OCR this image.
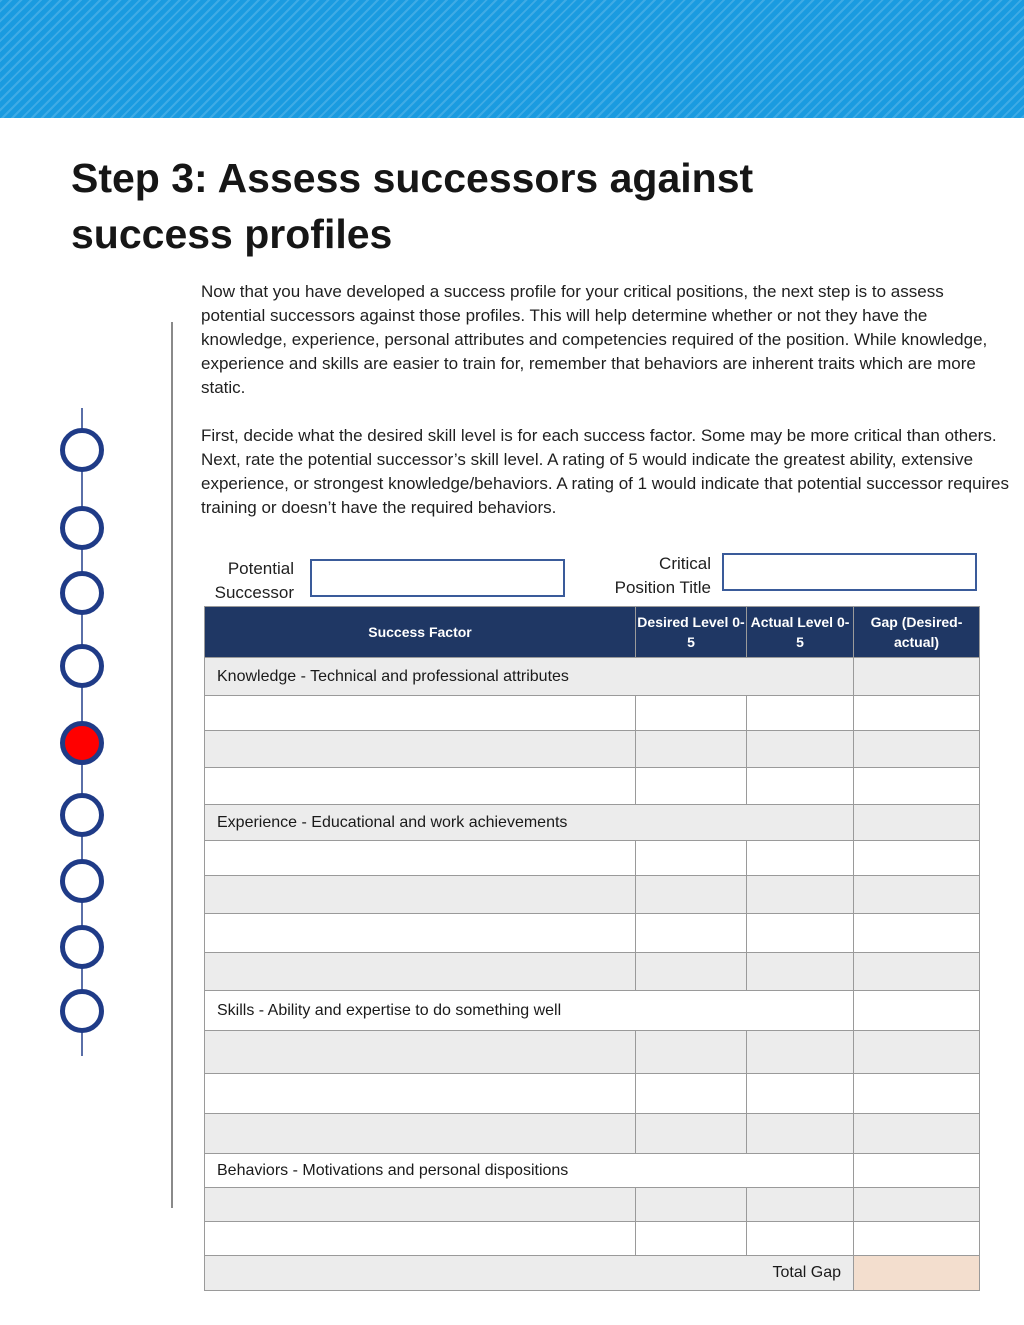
Step 3: Assess successors against success profiles

Now that you have developed a success profile for your critical positions, the next step is to assess potential successors against those profiles. This will help determine whether or not they have the knowledge, experience, personal attributes and competencies required of the position. While knowledge, experience and skills are easier to train for, remember that behaviors are inherent traits which are more static.

First, decide what the desired skill level is for each success factor. Some may be more critical than others. Next, rate the potential successor’s skill level. A rating of 5 would indicate the greatest ability, extensive experience, or strongest knowledge/behaviors. A rating of 1 would indicate that potential successor requires training or doesn’t have the required behaviors.

Potential Successor
Critical Position Title
Success Factor	Desired Level 0-5	Actual Level 0-5	Gap (Desired-actual)
Knowledge - Technical and professional attributes			

Experience - Educational and work achievements			

Skills - Ability and expertise to do something well			

Behaviors - Motivations and personal dispositions			

Total Gap			
